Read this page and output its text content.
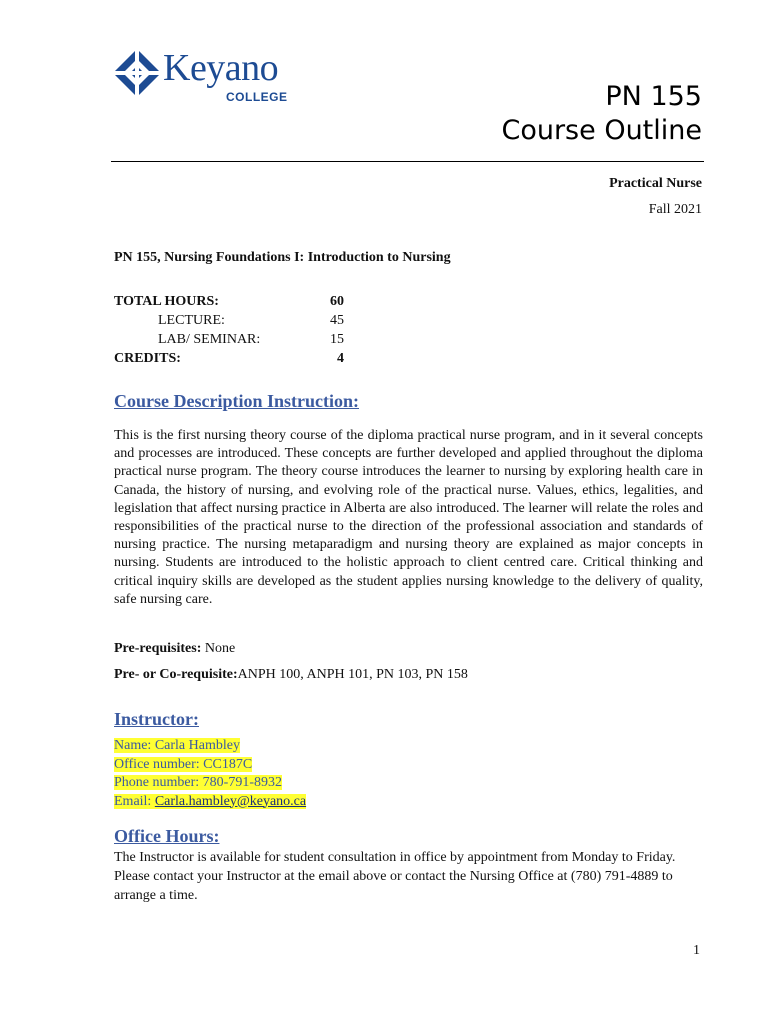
Keyano
COLLEGE	PN 155
Course Outline
Practical Nurse
Fall 2021
PN 155, Nursing Foundations I: Introduction to Nursing
TOTAL HOURS:	60
LECTURE:	45
LAB/ SEMINAR:	15
CREDITS:	4
Course Description Instruction:
This is the first nursing theory course of the diploma practical nurse program, and in it several concepts and processes are introduced. These concepts are further developed and applied throughout the diploma practical nurse program. The theory course introduces the learner to nursing by exploring health care in Canada, the history of nursing, and evolving role of the practical nurse. Values, ethics, legalities, and legislation that affect nursing practice in Alberta are also introduced. The learner will relate the roles and responsibilities of the practical nurse to the direction of the professional association and standards of nursing practice. The nursing metaparadigm and nursing theory are explained as major concepts in nursing. Students are introduced to the holistic approach to client centred care. Critical thinking and critical inquiry skills are developed as the student applies nursing knowledge to the delivery of quality, safe nursing care.
Pre-requisites: None
Pre- or Co-requisite:ANPH 100, ANPH 101, PN 103, PN 158
Instructor:
Name: Carla Hambley
Office number: CC187C
Phone number: 780-791-8932
Email: Carla.hambley@keyano.ca
Office Hours:
The Instructor is available for student consultation in office by appointment from Monday to Friday. Please contact your Instructor at the email above or contact the Nursing Office at (780) 791-4889 to arrange a time.
1
